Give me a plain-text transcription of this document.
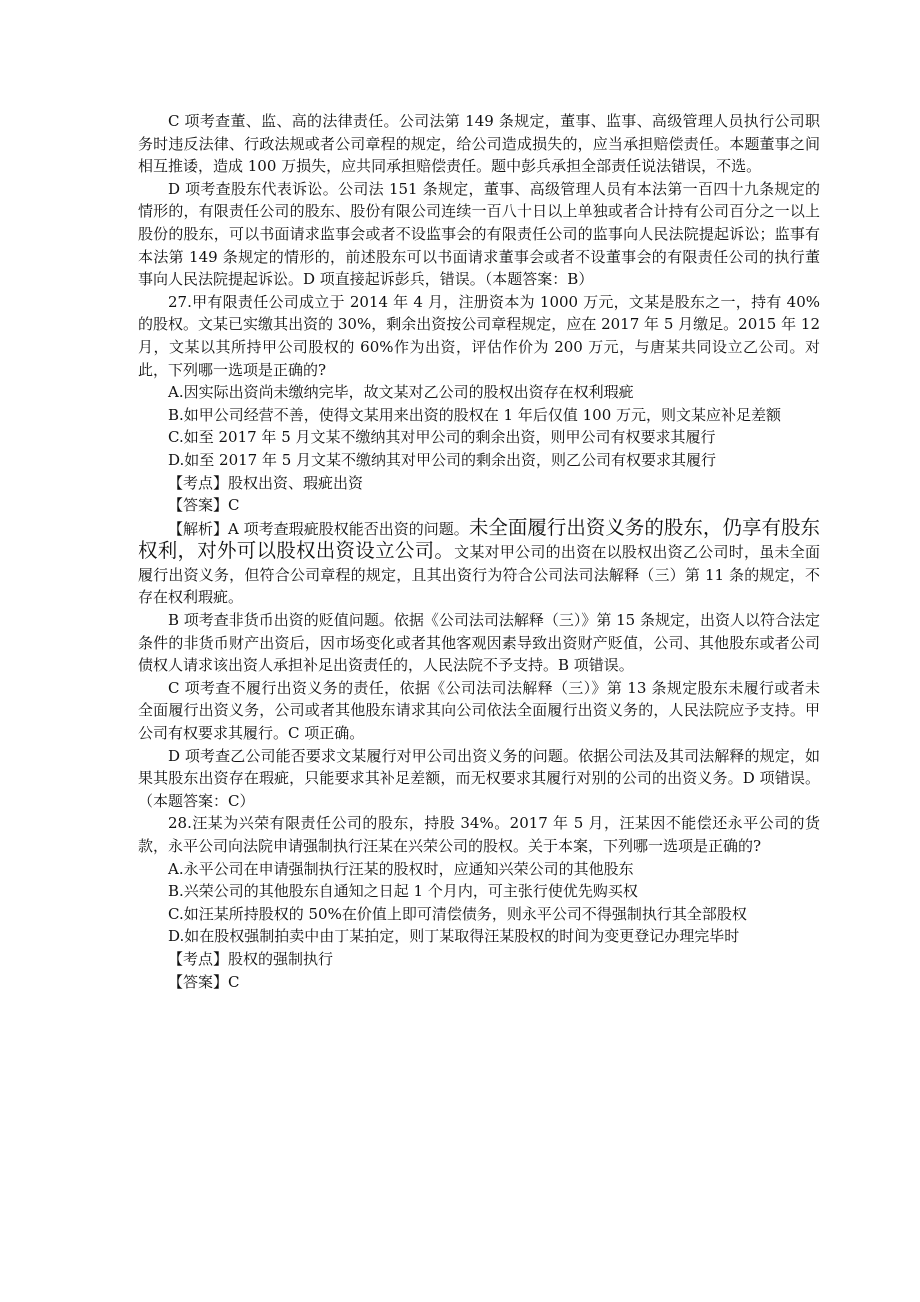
C 项考查董、监、高的法律责任。公司法第 149 条规定，董事、监事、高级管理人员执行公司职务时违反法律、行政法规或者公司章程的规定，给公司造成损失的，应当承担赔偿责任。本题董事之间相互推诿，造成 100 万损失，应共同承担赔偿责任。题中彭兵承担全部责任说法错误，不选。

D 项考查股东代表诉讼。公司法 151 条规定，董事、高级管理人员有本法第一百四十九条规定的情形的，有限责任公司的股东、股份有限公司连续一百八十日以上单独或者合计持有公司百分之一以上股份的股东，可以书面请求监事会或者不设监事会的有限责任公司的监事向人民法院提起诉讼；监事有本法第 149 条规定的情形的，前述股东可以书面请求董事会或者不设董事会的有限责任公司的执行董事向人民法院提起诉讼。D 项直接起诉彭兵，错误。（本题答案：B）

27.甲有限责任公司成立于 2014 年 4 月，注册资本为 1000 万元，文某是股东之一，持有 40%的股权。文某已实缴其出资的 30%，剩余出资按公司章程规定，应在 2017 年 5 月缴足。2015 年 12 月，文某以其所持甲公司股权的 60%作为出资，评估作价为 200 万元，与唐某共同设立乙公司。对此，下列哪一选项是正确的?

A.因实际出资尚未缴纳完毕，故文某对乙公司的股权出资存在权利瑕疵

B.如甲公司经营不善，使得文某用来出资的股权在 1 年后仅值 100 万元，则文某应补足差额

C.如至 2017 年 5 月文某不缴纳其对甲公司的剩余出资，则甲公司有权要求其履行

D.如至 2017 年 5 月文某不缴纳其对甲公司的剩余出资，则乙公司有权要求其履行

【考点】股权出资、瑕疵出资

【答案】C

【解析】A 项考查瑕疵股权能否出资的问题。未全面履行出资义务的股东，仍享有股东权利，对外可以股权出资设立公司。文某对甲公司的出资在以股权出资乙公司时，虽未全面履行出资义务，但符合公司章程的规定，且其出资行为符合公司法司法解释（三）第 11 条的规定，不存在权利瑕疵。

B 项考查非货币出资的贬值问题。依据《公司法司法解释（三）》第 15 条规定，出资人以符合法定条件的非货币财产出资后，因市场变化或者其他客观因素导致出资财产贬值，公司、其他股东或者公司债权人请求该出资人承担补足出资责任的，人民法院不予支持。B 项错误。

C 项考查不履行出资义务的责任，依据《公司法司法解释（三）》第 13 条规定股东未履行或者未全面履行出资义务，公司或者其他股东请求其向公司依法全面履行出资义务的，人民法院应予支持。甲公司有权要求其履行。C 项正确。

D 项考查乙公司能否要求文某履行对甲公司出资义务的问题。依据公司法及其司法解释的规定，如果其股东出资存在瑕疵，只能要求其补足差额，而无权要求其履行对别的公司的出资义务。D 项错误。（本题答案：C）

28.汪某为兴荣有限责任公司的股东，持股 34%。2017 年 5 月，汪某因不能偿还永平公司的货款，永平公司向法院申请强制执行汪某在兴荣公司的股权。关于本案，下列哪一选项是正确的?

A.永平公司在申请强制执行汪某的股权时，应通知兴荣公司的其他股东

B.兴荣公司的其他股东自通知之日起 1 个月内，可主张行使优先购买权

C.如汪某所持股权的 50%在价值上即可清偿债务，则永平公司不得强制执行其全部股权

D.如在股权强制拍卖中由丁某拍定，则丁某取得汪某股权的时间为变更登记办理完毕时

【考点】股权的强制执行

【答案】C
